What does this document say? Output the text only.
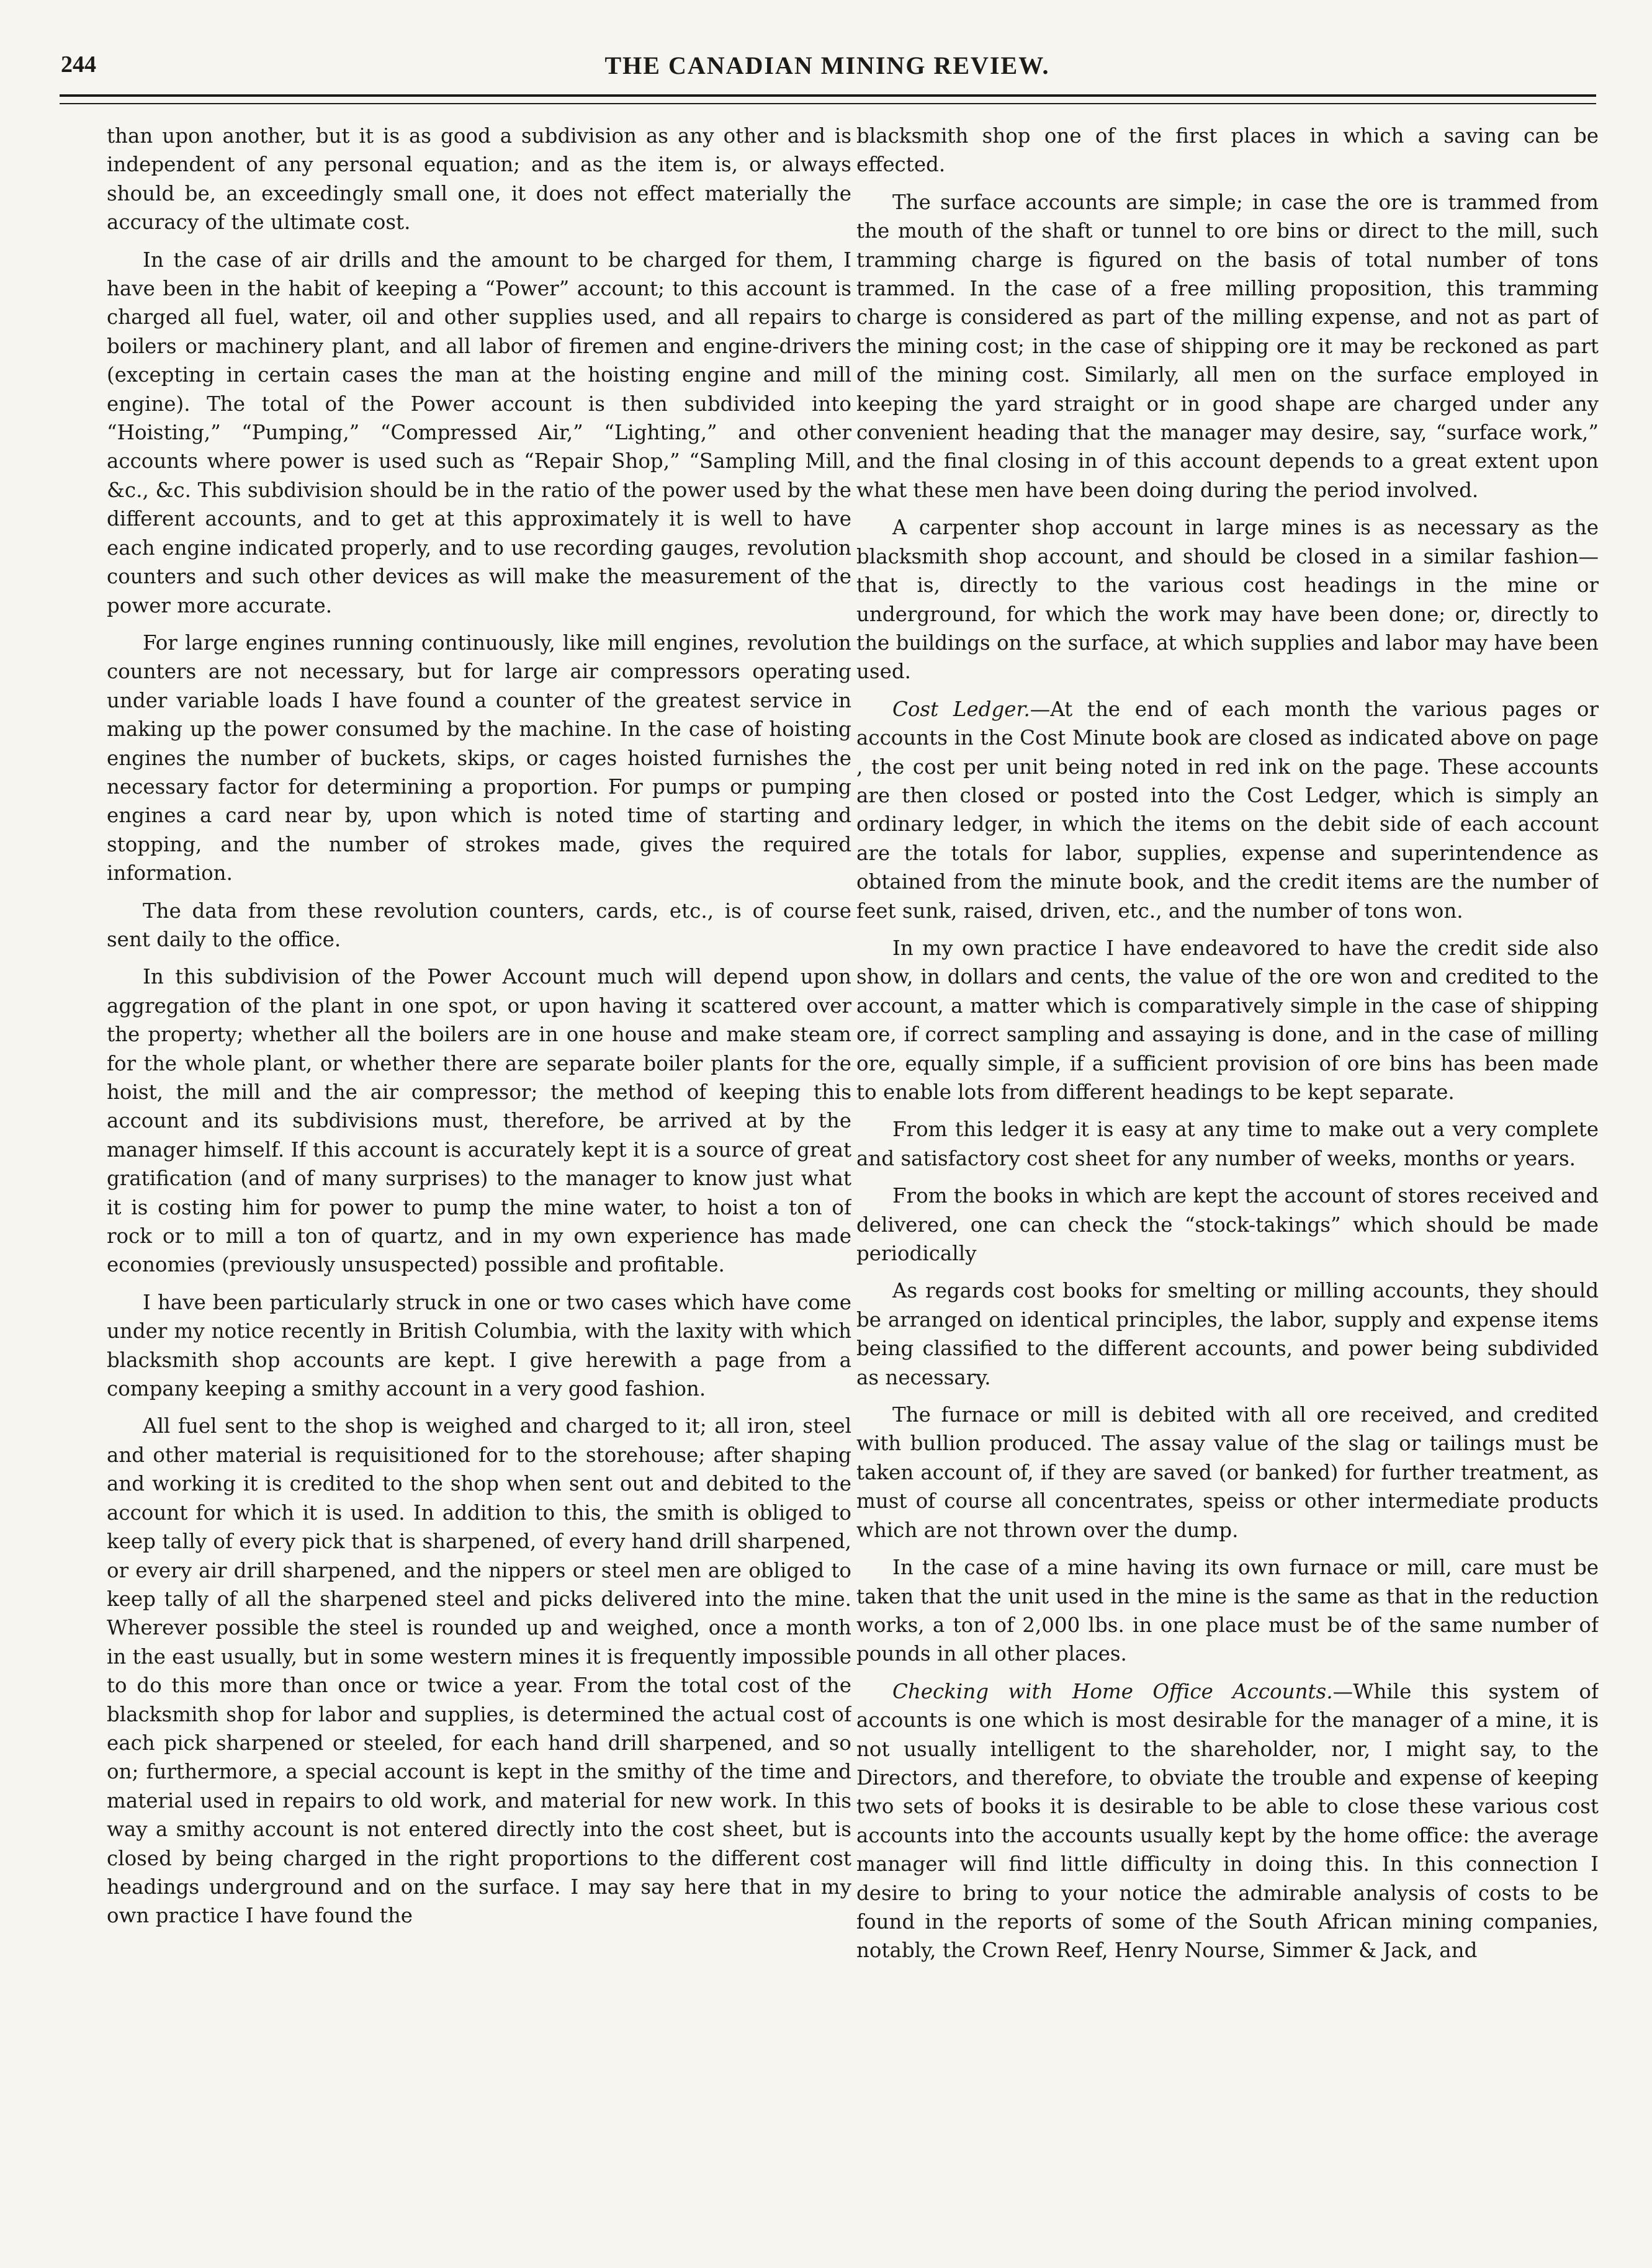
244	THE CANADIAN MINING REVIEW.

than upon another, but it is as good a subdivision as any other and is independent of any personal equation; and as the item is, or always should be, an exceedingly small one, it does not effect materially the accuracy of the ultimate cost.

In the case of air drills and the amount to be charged for them, I have been in the habit of keeping a “Power” account; to this account is charged all fuel, water, oil and other supplies used, and all repairs to boilers or machinery plant, and all labor of firemen and engine-drivers (excepting in certain cases the man at the hoisting engine and mill engine). The total of the Power account is then subdivided into “Hoisting,” “Pumping,” “Compressed Air,” “Lighting,” and other accounts where power is used such as “Repair Shop,” “Sampling Mill, &c., &c. This subdivision should be in the ratio of the power used by the different accounts, and to get at this approximately it is well to have each engine indicated properly, and to use recording gauges, revolution counters and such other devices as will make the measurement of the power more accurate.

For large engines running continuously, like mill engines, revolution counters are not necessary, but for large air compressors operating under variable loads I have found a counter of the greatest service in making up the power consumed by the machine. In the case of hoisting engines the number of buckets, skips, or cages hoisted furnishes the necessary factor for determining a proportion. For pumps or pumping engines a card near by, upon which is noted time of starting and stopping, and the number of strokes made, gives the required information.

The data from these revolution counters, cards, etc., is of course sent daily to the office.

In this subdivision of the Power Account much will depend upon aggregation of the plant in one spot, or upon having it scattered over the property; whether all the boilers are in one house and make steam for the whole plant, or whether there are separate boiler plants for the hoist, the mill and the air compressor; the method of keeping this account and its subdivisions must, therefore, be arrived at by the manager himself. If this account is accurately kept it is a source of great gratification (and of many surprises) to the manager to know just what it is costing him for power to pump the mine water, to hoist a ton of rock or to mill a ton of quartz, and in my own experience has made economies (previously unsuspected) possible and profitable.

I have been particularly struck in one or two cases which have come under my notice recently in British Columbia, with the laxity with which blacksmith shop accounts are kept. I give herewith a page from a company keeping a smithy account in a very good fashion.

All fuel sent to the shop is weighed and charged to it; all iron, steel and other material is requisitioned for to the storehouse; after shaping and working it is credited to the shop when sent out and debited to the account for which it is used. In addition to this, the smith is obliged to keep tally of every pick that is sharpened, of every hand drill sharpened, or every air drill sharpened, and the nippers or steel men are obliged to keep tally of all the sharpened steel and picks delivered into the mine. Wherever possible the steel is rounded up and weighed, once a month in the east usually, but in some western mines it is frequently impossible to do this more than once or twice a year. From the total cost of the blacksmith shop for labor and supplies, is determined the actual cost of each pick sharpened or steeled, for each hand drill sharpened, and so on; furthermore, a special account is kept in the smithy of the time and material used in repairs to old work, and material for new work. In this way a smithy account is not entered directly into the cost sheet, but is closed by being charged in the right proportions to the different cost headings underground and on the surface. I may say here that in my own practice I have found the

blacksmith shop one of the first places in which a saving can be effected.

The surface accounts are simple; in case the ore is trammed from the mouth of the shaft or tunnel to ore bins or direct to the mill, such tramming charge is figured on the basis of total number of tons trammed. In the case of a free milling proposition, this tramming charge is considered as part of the milling expense, and not as part of the mining cost; in the case of shipping ore it may be reckoned as part of the mining cost. Similarly, all men on the surface employed in keeping the yard straight or in good shape are charged under any convenient heading that the manager may desire, say, “surface work,” and the final closing in of this account depends to a great extent upon what these men have been doing during the period involved.

A carpenter shop account in large mines is as necessary as the blacksmith shop account, and should be closed in a similar fashion—that is, directly to the various cost headings in the mine or underground, for which the work may have been done; or, directly to the buildings on the surface, at which supplies and labor may have been used.

Cost Ledger.—At the end of each month the various pages or accounts in the Cost Minute book are closed as indicated above on page , the cost per unit being noted in red ink on the page. These accounts are then closed or posted into the Cost Ledger, which is simply an ordinary ledger, in which the items on the debit side of each account are the totals for labor, supplies, expense and superintendence as obtained from the minute book, and the credit items are the number of feet sunk, raised, driven, etc., and the number of tons won.

In my own practice I have endeavored to have the credit side also show, in dollars and cents, the value of the ore won and credited to the account, a matter which is comparatively simple in the case of shipping ore, if correct sampling and assaying is done, and in the case of milling ore, equally simple, if a sufficient provision of ore bins has been made to enable lots from different headings to be kept separate.

From this ledger it is easy at any time to make out a very complete and satisfactory cost sheet for any number of weeks, months or years.

From the books in which are kept the account of stores received and delivered, one can check the “stock-takings” which should be made periodically

As regards cost books for smelting or milling accounts, they should be arranged on identical principles, the labor, supply and expense items being classified to the different accounts, and power being subdivided as necessary.

The furnace or mill is debited with all ore received, and credited with bullion produced. The assay value of the slag or tailings must be taken account of, if they are saved (or banked) for further treatment, as must of course all concentrates, speiss or other intermediate products which are not thrown over the dump.

In the case of a mine having its own furnace or mill, care must be taken that the unit used in the mine is the same as that in the reduction works, a ton of 2,000 lbs. in one place must be of the same number of pounds in all other places.

Checking with Home Office Accounts.—While this system of accounts is one which is most desirable for the manager of a mine, it is not usually intelligent to the shareholder, nor, I might say, to the Directors, and therefore, to obviate the trouble and expense of keeping two sets of books it is desirable to be able to close these various cost accounts into the accounts usually kept by the home office: the average manager will find little difficulty in doing this. In this connection I desire to bring to your notice the admirable analysis of costs to be found in the reports of some of the South African mining companies, notably, the Crown Reef, Henry Nourse, Simmer & Jack, and
